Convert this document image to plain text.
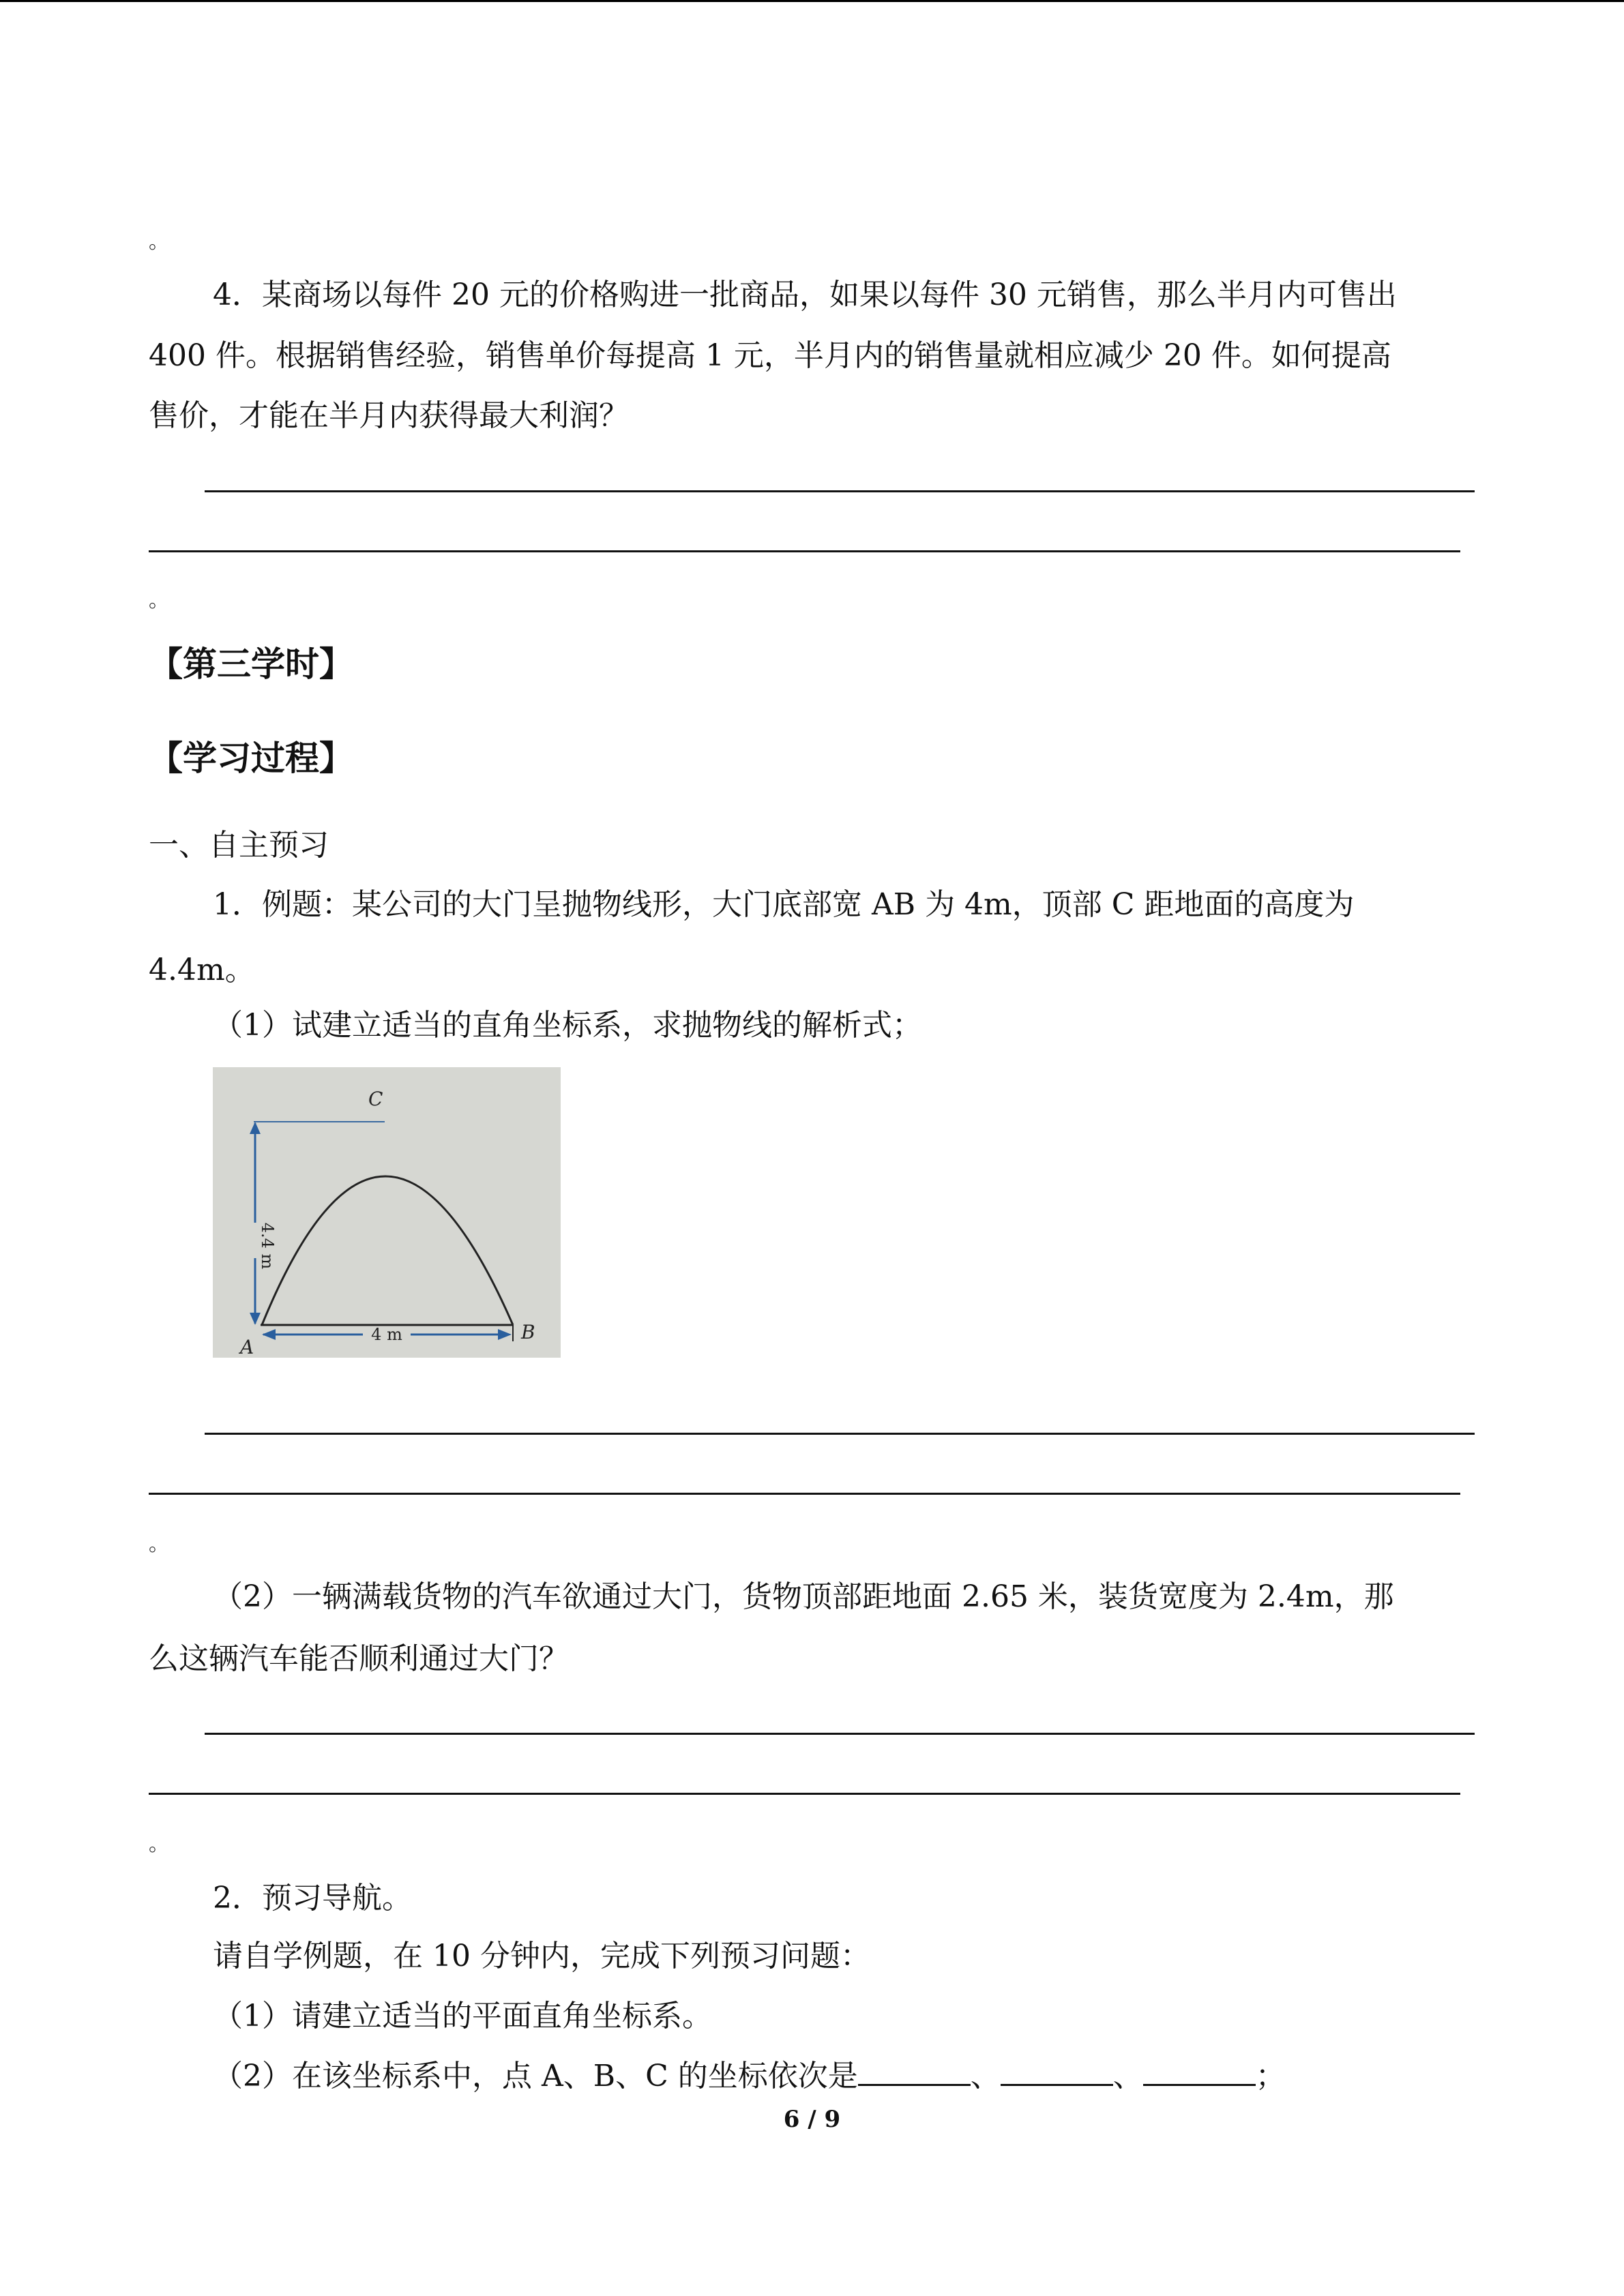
。
4．某商场以每件 20 元的价格购进一批商品，如果以每件 30 元销售，那么半月内可售出
400 件。根据销售经验，销售单价每提高 1 元，半月内的销售量就相应减少 20 件。如何提高
售价，才能在半月内获得最大利润？
。
【第三学时】
【学习过程】
一、自主预习
1．例题：某公司的大门呈抛物线形，大门底部宽 AB 为 4m，顶部 C 距地面的高度为
4.4m。
（1）试建立适当的直角坐标系，求抛物线的解析式；
C
A
B
4.4 m
4 m
。
（2）一辆满载货物的汽车欲通过大门，货物顶部距地面 2.65 米，装货宽度为 2.4m，那
么这辆汽车能否顺利通过大门？
。
2．预习导航。
请自学例题，在 10 分钟内，完成下列预习问题：
（1）请建立适当的平面直角坐标系。
（2）在该坐标系中，点 A、B、C 的坐标依次是	、	、	；
6 / 9
